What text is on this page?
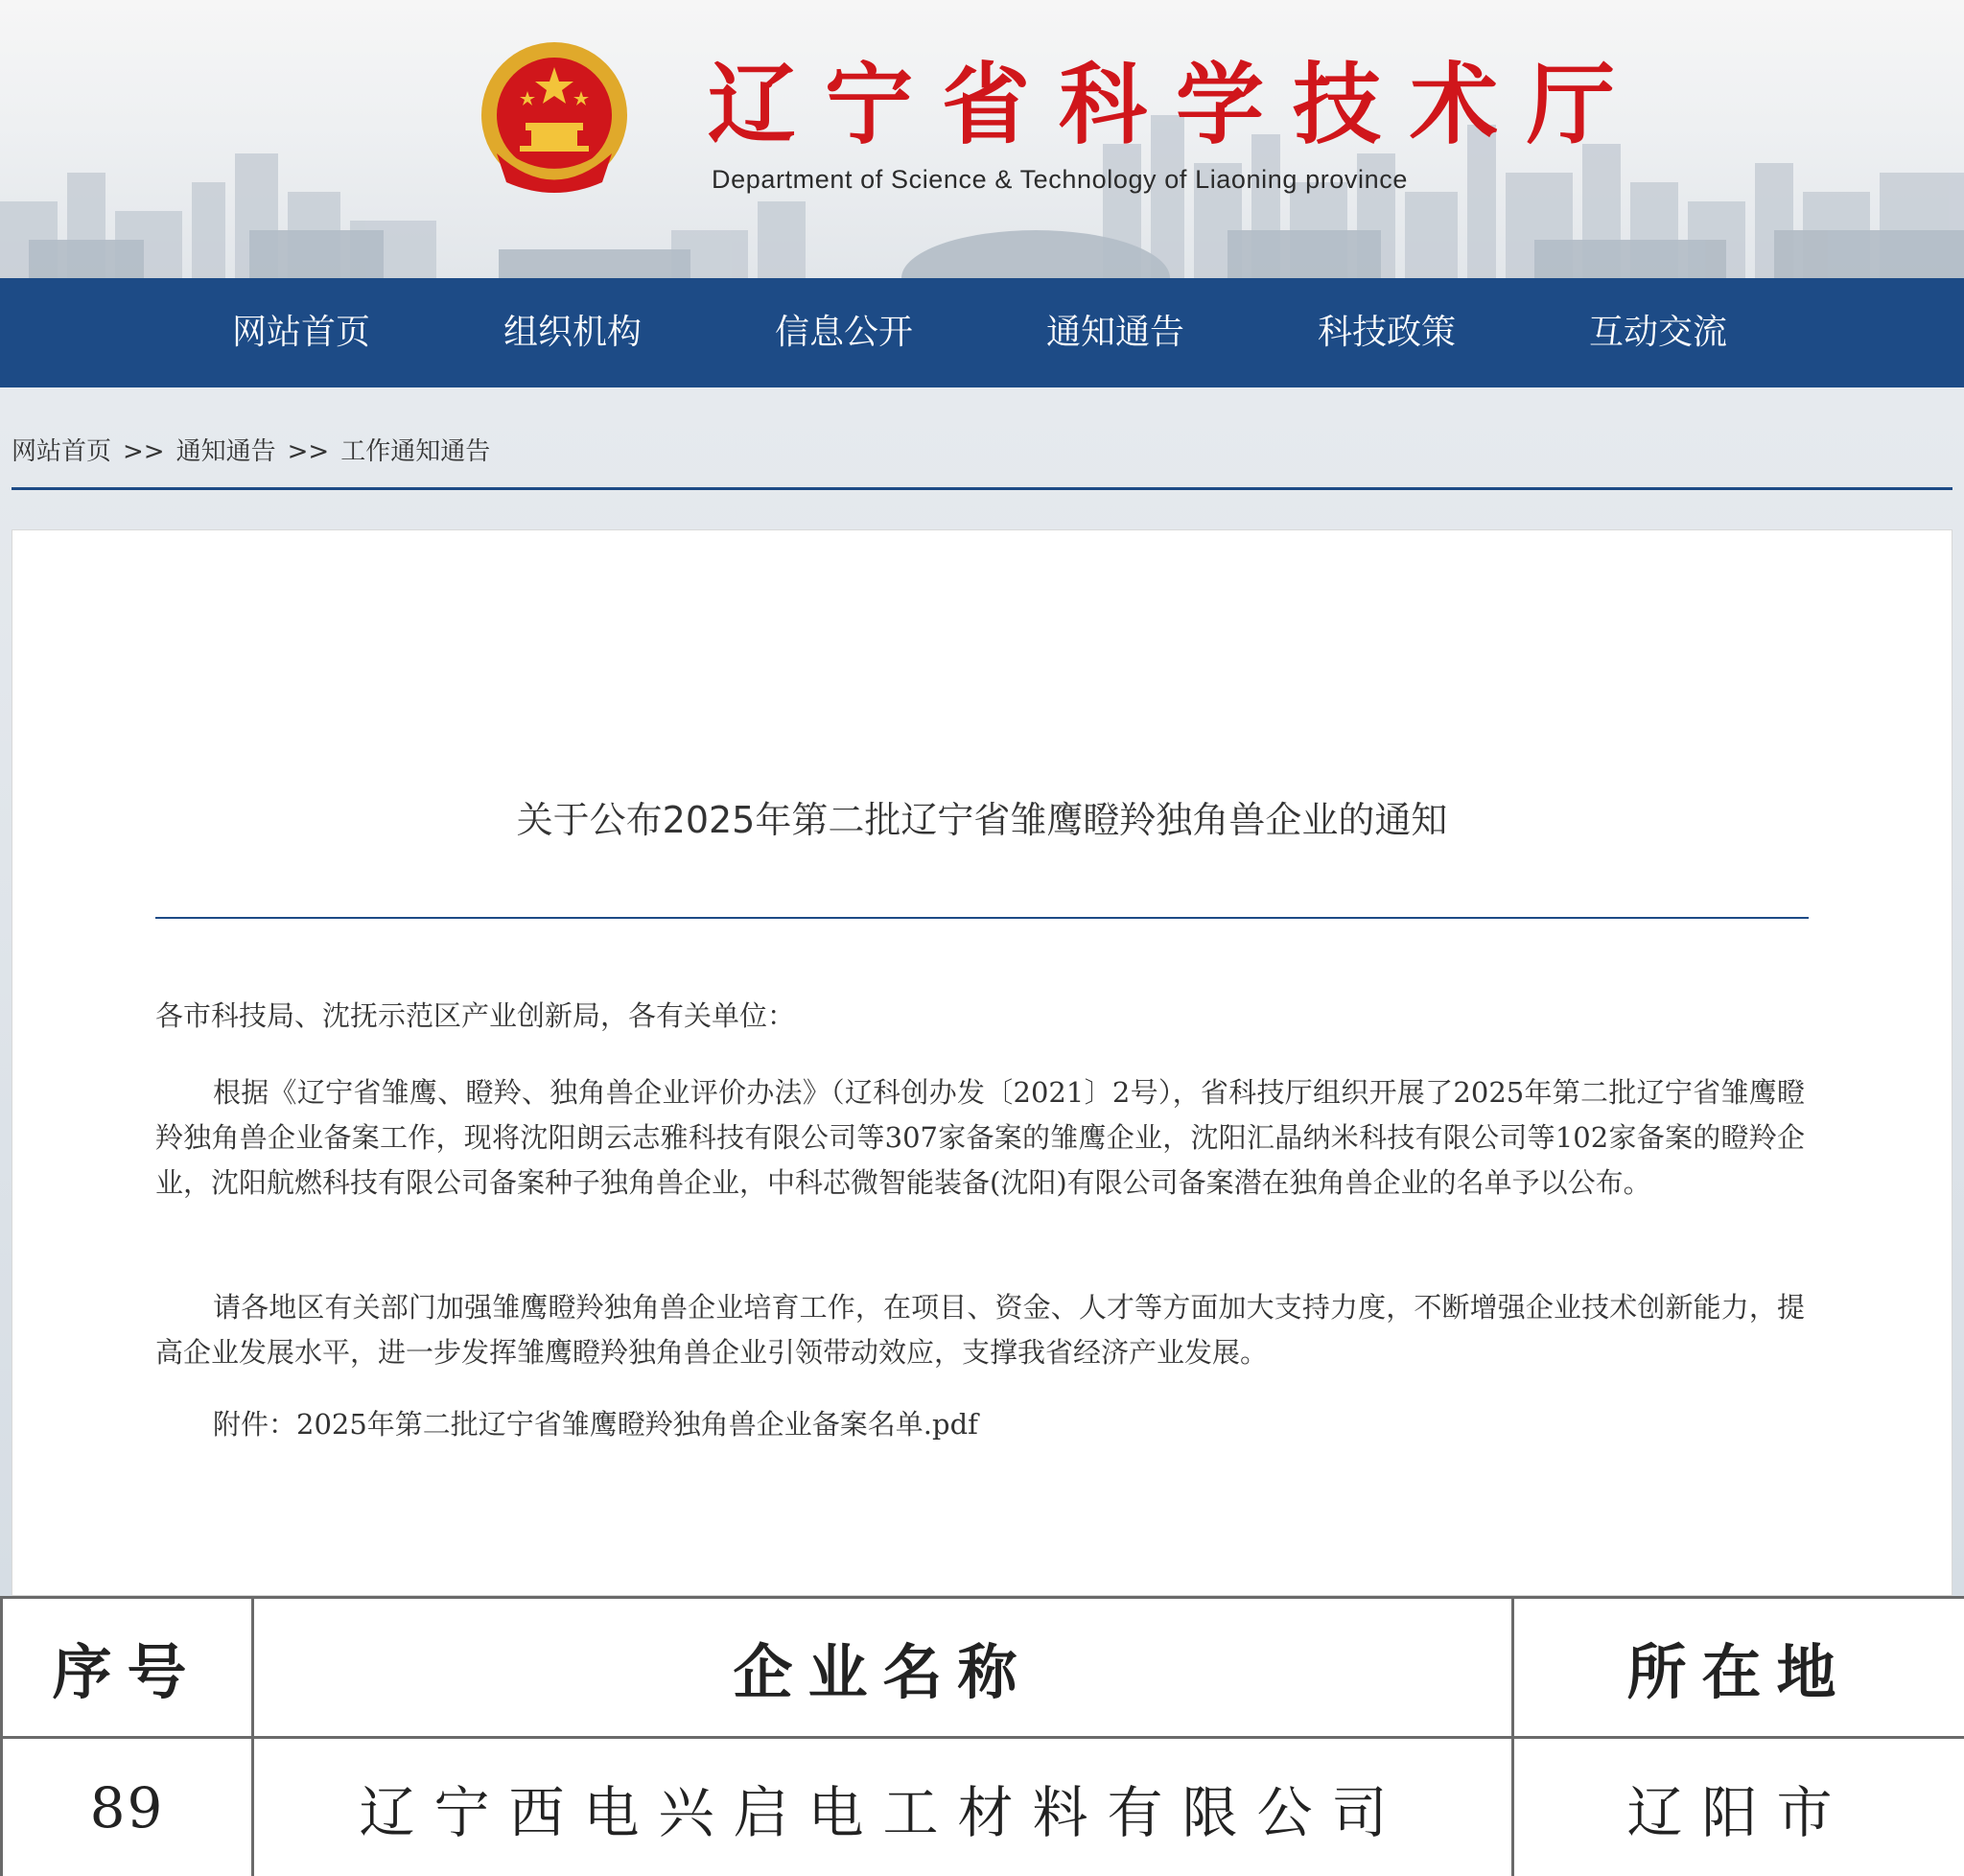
辽宁省科学技术厅
Department of Science & Technology of Liaoning province
网站首页	组织机构	信息公开	通知通告	科技政策	互动交流
网站首页 >> 通知通告 >> 工作通知通告
关于公布2025年第二批辽宁省雏鹰瞪羚独角兽企业的通知

各市科技局、沈抚示范区产业创新局，各有关单位：

根据《辽宁省雏鹰、瞪羚、独角兽企业评价办法》（辽科创办发〔2021〕2号），省科技厅组织开展了2025年第二批辽宁省雏鹰瞪羚独角兽企业备案工作，现将沈阳朗云志雅科技有限公司等307家备案的雏鹰企业，沈阳汇晶纳米科技有限公司等102家备案的瞪羚企业，沈阳航燃科技有限公司备案种子独角兽企业，中科芯微智能装备(沈阳)有限公司备案潜在独角兽企业的名单予以公布。

请各地区有关部门加强雏鹰瞪羚独角兽企业培育工作，在项目、资金、人才等方面加大支持力度，不断增强企业技术创新能力，提高企业发展水平，进一步发挥雏鹰瞪羚独角兽企业引领带动效应，支撑我省经济产业发展。

附件：2025年第二批辽宁省雏鹰瞪羚独角兽企业备案名单.pdf

序号	企业名称	所在地
89	辽宁西电兴启电工材料有限公司	辽阳市
